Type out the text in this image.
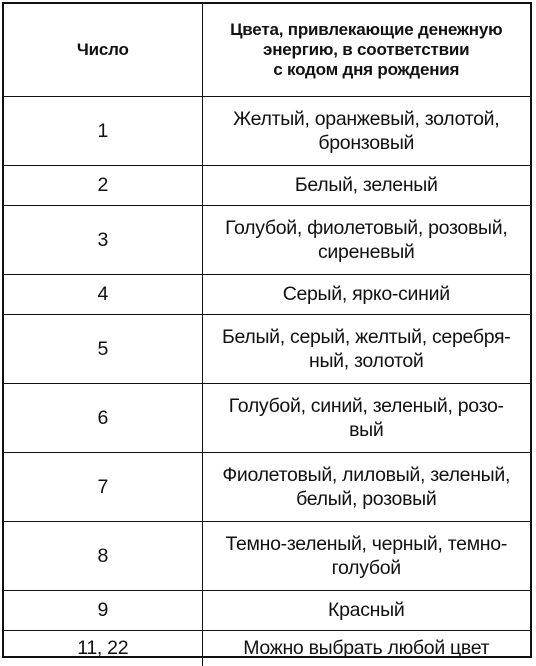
Число	Цвета, привлекающие денежную
энергию, в соответствии
с кодом дня рождения

1	Желтый, оранжевый, золотой,
бронзовый

2	Белый, зеленый

3	Голубой, фиолетовый, розовый,
сиреневый

4	Серый, ярко-синий

5	Белый, серый, желтый, серебря-
ный, золотой

6	Голубой, синий, зеленый, розо-
вый

7	Фиолетовый, лиловый, зеленый,
белый, розовый

8	Темно-зеленый, черный, темно-
голубой

9	Красный

11, 22	Можно выбрать любой цвет
